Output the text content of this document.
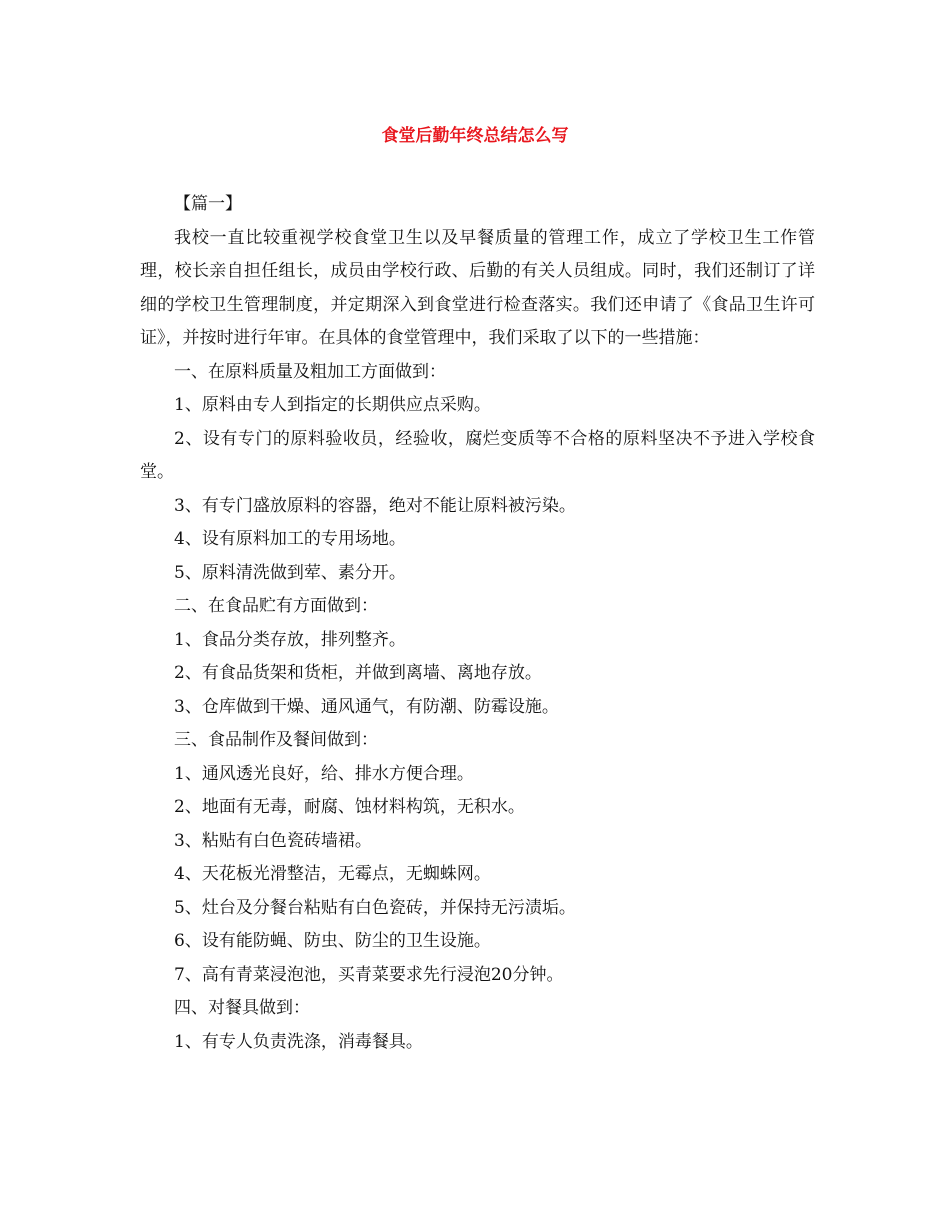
食堂后勤年终总结怎么写

【篇一】

我校一直比较重视学校食堂卫生以及早餐质量的管理工作，成立了学校卫生工作管理，校长亲自担任组长，成员由学校行政、后勤的有关人员组成。同时，我们还制订了详细的学校卫生管理制度，并定期深入到食堂进行检查落实。我们还申请了《食品卫生许可证》，并按时进行年审。在具体的食堂管理中，我们采取了以下的一些措施：

一、在原料质量及粗加工方面做到：

1、原料由专人到指定的长期供应点采购。

2、设有专门的原料验收员，经验收，腐烂变质等不合格的原料坚决不予进入学校食堂。

3、有专门盛放原料的容器，绝对不能让原料被污染。

4、设有原料加工的专用场地。

5、原料清洗做到荤、素分开。

二、在食品贮有方面做到：

1、食品分类存放，排列整齐。

2、有食品货架和货柜，并做到离墙、离地存放。

3、仓库做到干燥、通风通气，有防潮、防霉设施。

三、食品制作及餐间做到：

1、通风透光良好，给、排水方便合理。

2、地面有无毒，耐腐、蚀材料构筑，无积水。

3、粘贴有白色瓷砖墙裙。

4、天花板光滑整洁，无霉点，无蜘蛛网。

5、灶台及分餐台粘贴有白色瓷砖，并保持无污渍垢。

6、设有能防蝇、防虫、防尘的卫生设施。

7、高有青菜浸泡池，买青菜要求先行浸泡20分钟。

四、对餐具做到：

1、有专人负责洗涤，消毒餐具。
